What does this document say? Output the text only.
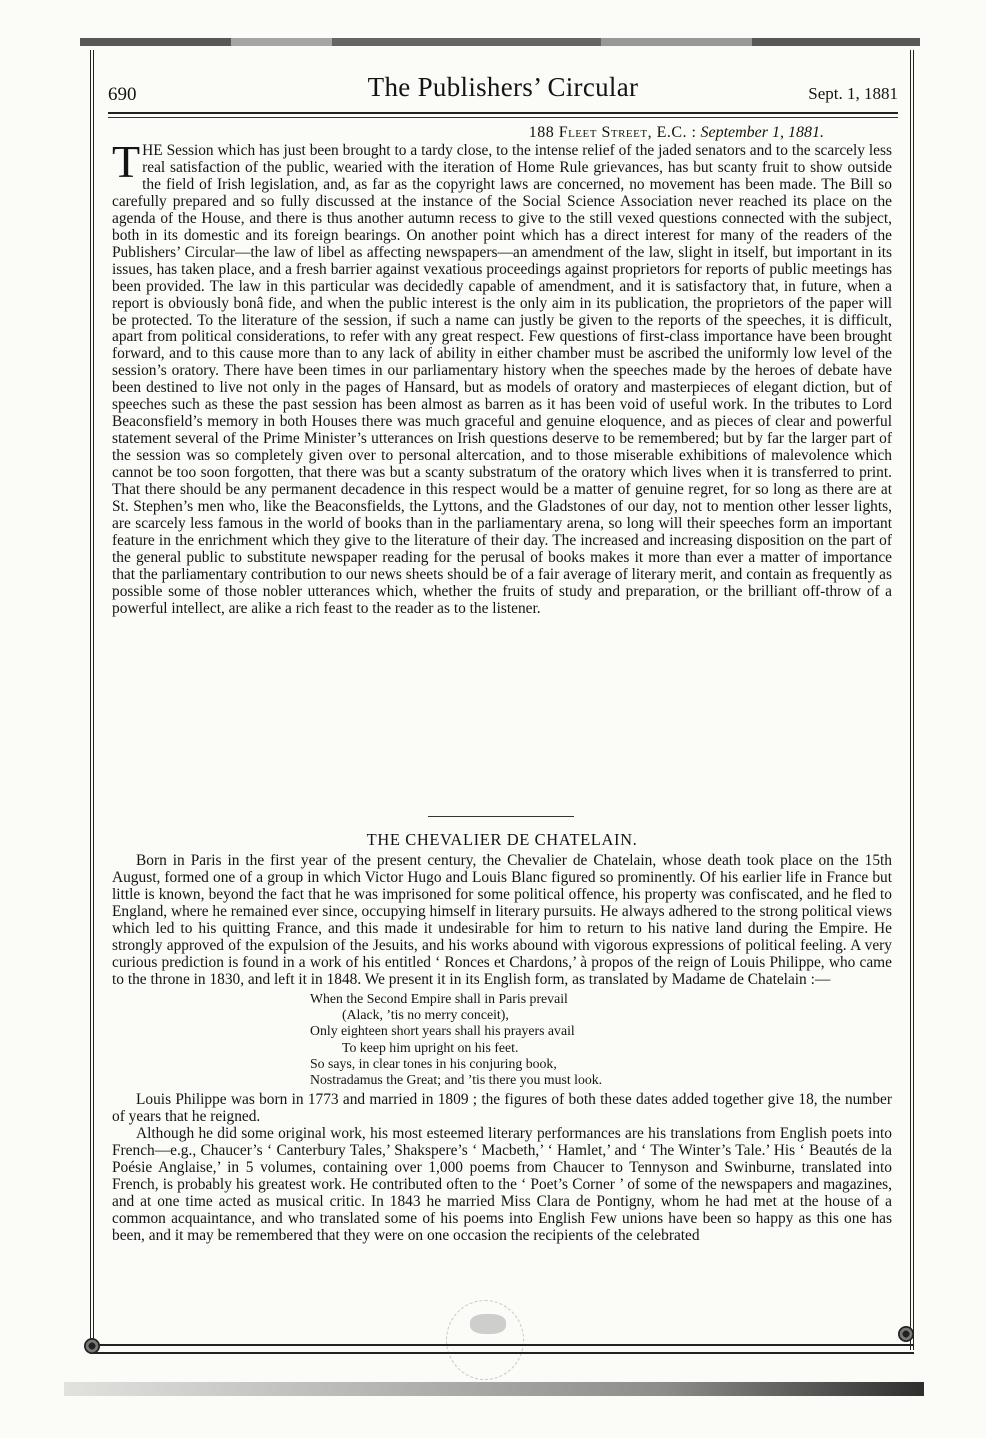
690	The Publishers’ Circular	Sept. 1, 1881

188 Fleet Street, E.C. : September 1, 1881.

THE Session which has just been brought to a tardy close, to the intense relief of the jaded senators and to the scarcely less real satisfaction of the public, wearied with the iteration of Home Rule grievances, has but scanty fruit to show outside the field of Irish legislation, and, as far as the copyright laws are concerned, no movement has been made. The Bill so carefully prepared and so fully discussed at the instance of the Social Science Association never reached its place on the agenda of the House, and there is thus another autumn recess to give to the still vexed questions connected with the subject, both in its domestic and its foreign bearings. On another point which has a direct interest for many of the readers of the Publishers’ Circular—the law of libel as affecting newspapers—an amendment of the law, slight in itself, but important in its issues, has taken place, and a fresh barrier against vexatious proceedings against proprietors for reports of public meetings has been provided. The law in this particular was decidedly capable of amendment, and it is satisfactory that, in future, when a report is obviously bonâ fide, and when the public interest is the only aim in its publication, the proprietors of the paper will be protected. To the literature of the session, if such a name can justly be given to the reports of the speeches, it is difficult, apart from political considerations, to refer with any great respect. Few questions of first-class importance have been brought forward, and to this cause more than to any lack of ability in either chamber must be ascribed the uniformly low level of the session’s oratory. There have been times in our parliamentary history when the speeches made by the heroes of debate have been destined to live not only in the pages of Hansard, but as models of oratory and masterpieces of elegant diction, but of speeches such as these the past session has been almost as barren as it has been void of useful work. In the tributes to Lord Beaconsfield’s memory in both Houses there was much graceful and genuine eloquence, and as pieces of clear and powerful statement several of the Prime Minister’s utterances on Irish questions deserve to be remembered; but by far the larger part of the session was so completely given over to personal altercation, and to those miserable exhibitions of malevolence which cannot be too soon forgotten, that there was but a scanty substratum of the oratory which lives when it is transferred to print. That there should be any permanent decadence in this respect would be a matter of genuine regret, for so long as there are at St. Stephen’s men who, like the Beaconsfields, the Lyttons, and the Gladstones of our day, not to mention other lesser lights, are scarcely less famous in the world of books than in the parliamentary arena, so long will their speeches form an important feature in the enrichment which they give to the literature of their day. The increased and increasing disposition on the part of the general public to substitute newspaper reading for the perusal of books makes it more than ever a matter of importance that the parliamentary contribution to our news sheets should be of a fair average of literary merit, and contain as frequently as possible some of those nobler utterances which, whether the fruits of study and preparation, or the brilliant off-throw of a powerful intellect, are alike a rich feast to the reader as to the listener.

THE CHEVALIER DE CHATELAIN.

Born in Paris in the first year of the present century, the Chevalier de Chatelain, whose death took place on the 15th August, formed one of a group in which Victor Hugo and Louis Blanc figured so prominently. Of his earlier life in France but little is known, beyond the fact that he was imprisoned for some political offence, his property was confiscated, and he fled to England, where he remained ever since, occupying himself in literary pursuits. He always adhered to the strong political views which led to his quitting France, and this made it undesirable for him to return to his native land during the Empire. He strongly approved of the expulsion of the Jesuits, and his works abound with vigorous expressions of political feeling. A very curious prediction is found in a work of his entitled ‘ Ronces et Chardons,’ à propos of the reign of Louis Philippe, who came to the throne in 1830, and left it in 1848. We present it in its English form, as translated by Madame de Chatelain :—

When the Second Empire shall in Paris prevail
(Alack, ’tis no merry conceit),
Only eighteen short years shall his prayers avail
To keep him upright on his feet.
So says, in clear tones in his conjuring book,
Nostradamus the Great; and ’tis there you must look.

Louis Philippe was born in 1773 and married in 1809 ; the figures of both these dates added together give 18, the number of years that he reigned.

Although he did some original work, his most esteemed literary performances are his translations from English poets into French—e.g., Chaucer’s ‘ Canterbury Tales,’ Shakspere’s ‘ Macbeth,’ ‘ Hamlet,’ and ‘ The Winter’s Tale.’ His ‘ Beautés de la Poésie Anglaise,’ in 5 volumes, containing over 1,000 poems from Chaucer to Tennyson and Swinburne, translated into French, is probably his greatest work. He contributed often to the ‘ Poet’s Corner ’ of some of the newspapers and magazines, and at one time acted as musical critic. In 1843 he married Miss Clara de Pontigny, whom he had met at the house of a common acquaintance, and who translated some of his poems into English Few unions have been so happy as this one has been, and it may be remembered that they were on one occasion the recipients of the celebrated
